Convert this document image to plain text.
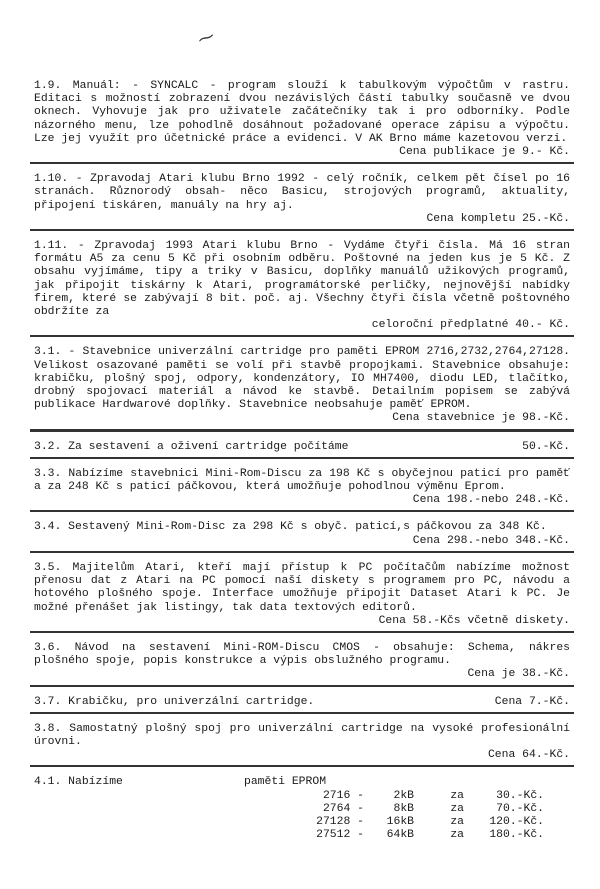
⁓

1.9. Manuál: - SYNCALC - program slouží k tabulkovým výpočtům v rastru. Editaci s možností zobrazení dvou nezávislých částí tabulky současně ve dvou oknech. Vyhovuje jak pro uživatele začátečníky tak i pro odborníky. Podle názorného menu, lze pohodlně dosáhnout požadované operace zápisu a výpočtu. Lze jej využít pro účetnické práce a evidenci. V AK Brno máme kazetovou verzi.

Cena publikace je 9.- Kč.

1.10. - Zpravodaj Atari klubu Brno 1992 - celý ročník, celkem pět čísel po 16 stranách. Různorodý obsah- něco Basicu, strojových programů, aktuality, připojení tiskáren, manuály na hry aj.

Cena kompletu 25.-Kč.

1.11. - Zpravodaj 1993 Atari klubu Brno - Vydáme čtyři čísla. Má 16 stran formátu A5 za cenu 5 Kč při osobním odběru. Poštovné na jeden kus je 5 Kč. Z obsahu vyjímáme, tipy a triky v Basicu, doplňky manuálů užikových programů, jak připojit tiskárny k Atari, programátorské perličky, nejnovější nabídky firem, které se zabývají 8 bit. poč. aj. Všechny čtyři čísla včetně poštovného obdržíte za

celoroční předplatné 40.- Kč.

3.1. - Stavebnice univerzální cartridge pro paměti EPROM 2716,2732,2764,27128. Velikost osazované paměti se volí při stavbě propojkami. Stavebnice obsahuje: krabičku, plošný spoj, odpory, kondenzátory, IO MH7400, diodu LED, tlačítko, drobný spojovací materiál a návod ke stavbě. Detailním popisem se zabývá publikace Hardwarové doplňky. Stavebnice neobsahuje paměť EPROM.

Cena stavebnice je 98.-Kč.

3.2. Za sestavení a oživení cartridge počítáme	50.-Kč.

3.3. Nabízíme stavebnici Mini-Rom-Discu za 198 Kč s obyčejnou paticí pro paměť a za 248 Kč s paticí páčkovou, která umožňuje pohodlnou výměnu Eprom.

Cena 198.-nebo 248.-Kč.

3.4. Sestavený Mini-Rom-Disc za 298 Kč s obyč. paticí,s páčkovou za 348 Kč.

Cena 298.-nebo 348.-Kč.

3.5. Majitelům Atari, kteří mají přístup k PC počítačům nabízíme možnost přenosu dat z Atari na PC pomocí naší diskety s programem pro PC, návodu a hotového plošného spoje. Interface umožňuje připojit Dataset Atari k PC. Je možné přenášet jak listingy, tak data textových editorů.

Cena 58.-Kčs včetně diskety.

3.6. Návod na sestavení Mini-ROM-Discu CMOS - obsahuje: Schema, nákres plošného spoje, popis konstrukce a výpis obslužného programu.

Cena je 38.-Kč.

3.7. Krabičku, pro univerzální cartridge.	Cena 7.-Kč.

3.8. Samostatný plošný spoj pro univerzální cartridge na vysoké profesionální úrovni.

Cena 64.-Kč.

4.1. Nabízíme	paměti EPROM
2716 -	2kB	za	30.-Kč.
2764 -	8kB	za	70.-Kč.
27128 -	16kB	za	120.-Kč.
27512 -	64kB	za	180.-Kč.
